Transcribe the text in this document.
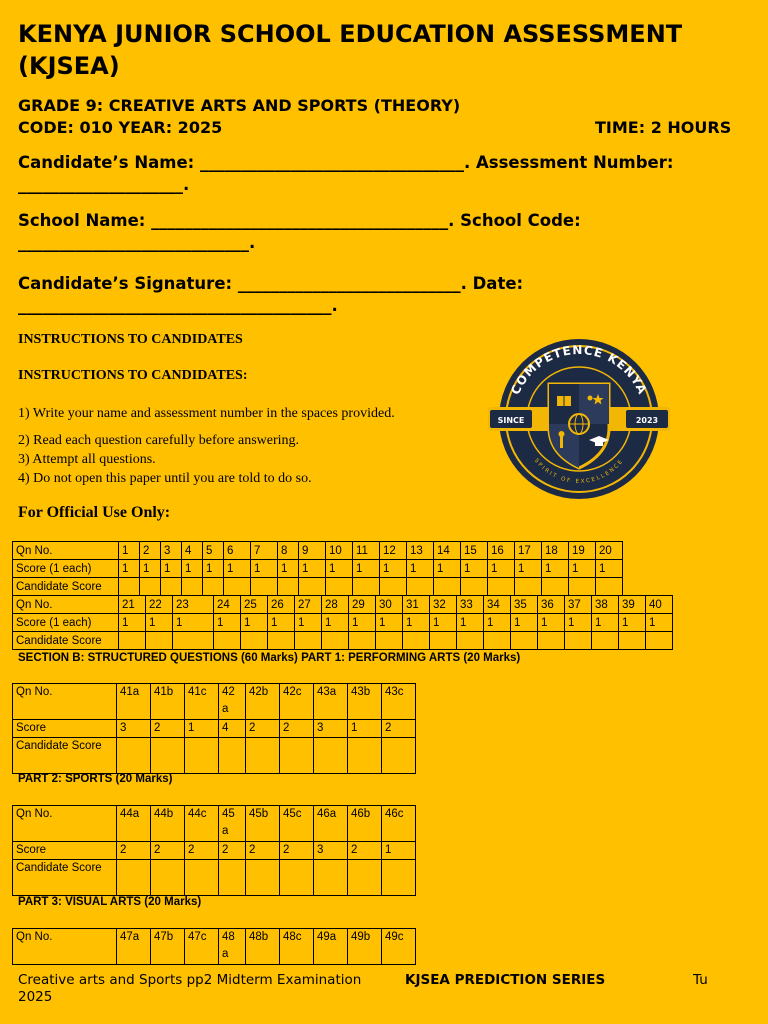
KENYA JUNIOR SCHOOL EDUCATION ASSESSMENT (KJSEA)
GRADE 9: CREATIVE ARTS AND SPORTS (THEORY)
CODE: 010 YEAR: 2025	TIME: 2 HOURS
Candidate’s Name: ________________________________. Assessment Number: ____________________.
School Name: ____________________________________. School Code: ____________________________.
Candidate’s Signature: ___________________________. Date: ______________________________________.
INSTRUCTIONS TO CANDIDATES
INSTRUCTIONS TO CANDIDATES:
1) Write your name and assessment number in the spaces provided.
2) Read each question carefully before answering.
3) Attempt all questions.
4) Do not open this paper until you are told to do so.
COMPETENCE KENYA
SPIRIT OF EXCELLENCE
SINCE	2023
For Official Use Only:
Qn No.	1	2	3	4	5	6	7	8	9	10	11	12	13	14	15	16	17	18	19	20
Score (1 each)	1	1	1	1	1	1	1	1	1	1	1	1	1	1	1	1	1	1	1	1
Candidate Score																				
Qn No.	21	22	23	24	25	26	27	28	29	30	31	32	33	34	35	36	37	38	39	40
Score (1 each)	1	1	1	1	1	1	1	1	1	1	1	1	1	1	1	1	1	1	1	1
Candidate Score																				
SECTION B: STRUCTURED QUESTIONS (60 Marks) PART 1: PERFORMING ARTS (20 Marks)
Qn No.	41a	41b	41c	42 a	42b	42c	43a	43b	43c
Score	3	2	1	4	2	2	3	1	2
Candidate Score									
PART 2: SPORTS (20 Marks)
Qn No.	44a	44b	44c	45 a	45b	45c	46a	46b	46c
Score	2	2	2	2	2	2	3	2	1
Candidate Score									
PART 3: VISUAL ARTS (20 Marks)
Qn No.	47a	47b	47c	48 a	48b	48c	49a	49b	49c
Creative arts and Sports pp2 Midterm Examination 2025
KJSEA PREDICTION SERIES	Tu
